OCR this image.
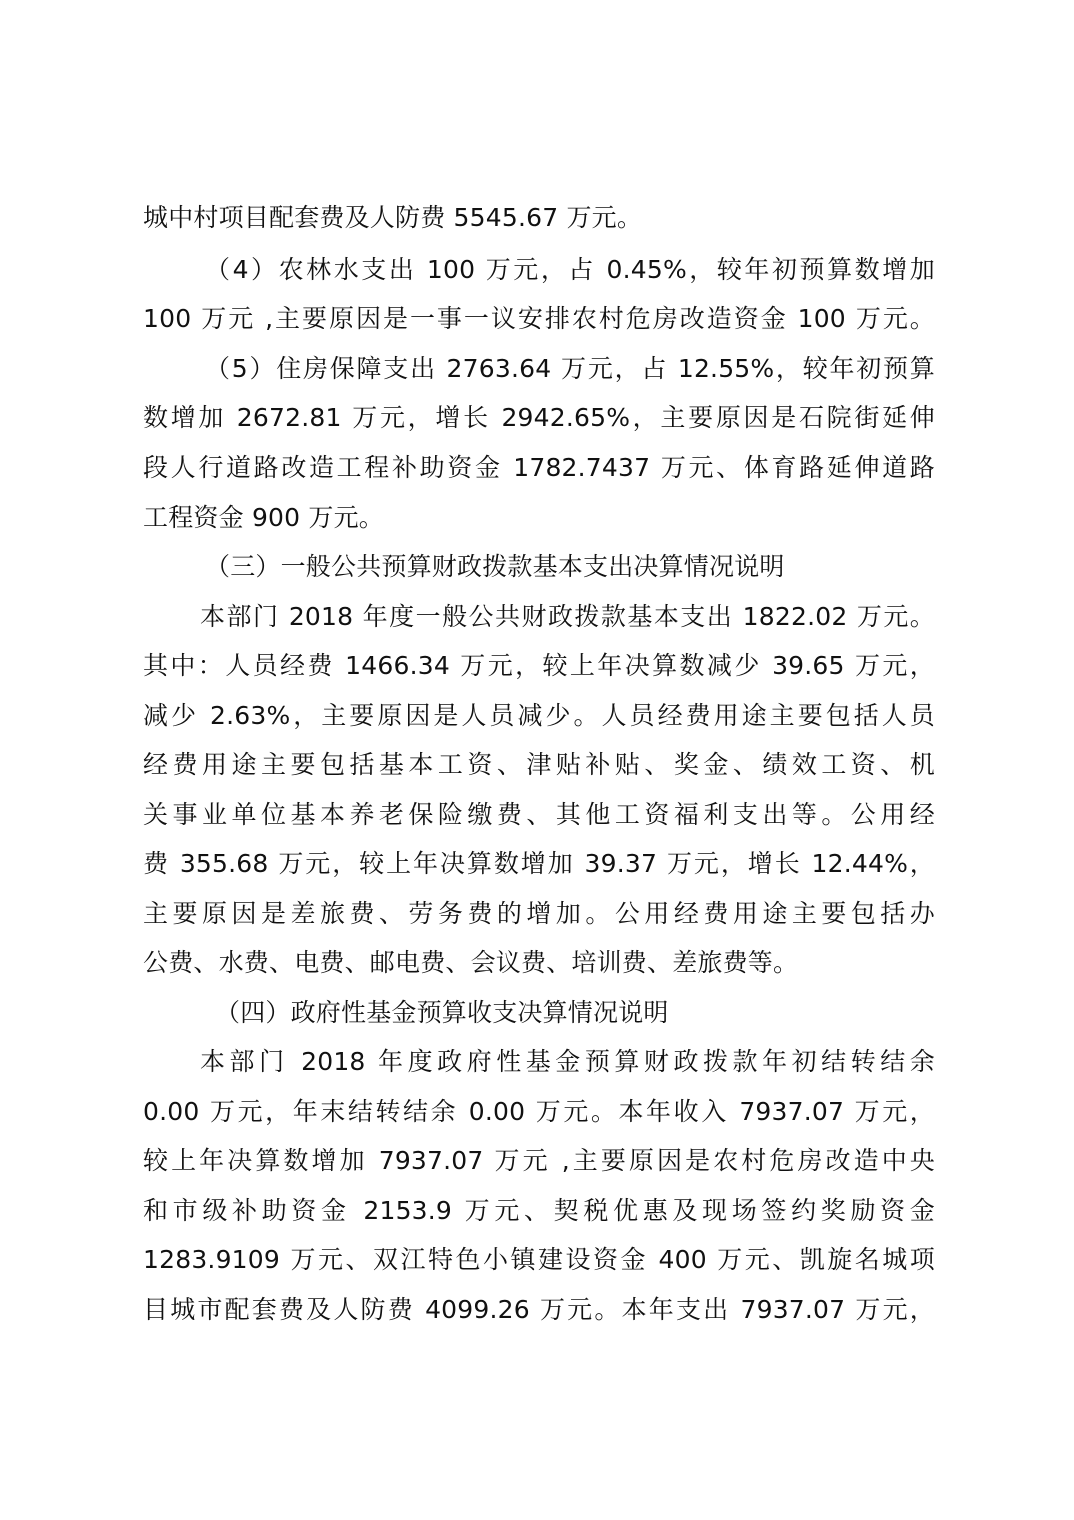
城中村项目配套费及人防费 5545.67 万元。
（4）农林水支出 100 万元，占 0.45%，较年初预算数增加
100 万元 ,主要原因是一事一议安排农村危房改造资金 100 万元。
（5）住房保障支出 2763.64 万元，占 12.55%，较年初预算
数增加 2672.81 万元，增长 2942.65%，主要原因是石院街延伸
段人行道路改造工程补助资金 1782.7437 万元、体育路延伸道路
工程资金 900 万元。
（三）一般公共预算财政拨款基本支出决算情况说明
本部门 2018 年度一般公共财政拨款基本支出 1822.02 万元。
其中：人员经费 1466.34 万元，较上年决算数减少 39.65 万元，
减少 2.63%，主要原因是人员减少。人员经费用途主要包括人员
经费用途主要包括基本工资、津贴补贴、奖金、绩效工资、机
关事业单位基本养老保险缴费、其他工资福利支出等。公用经
费 355.68 万元，较上年决算数增加 39.37 万元，增长 12.44%，
主要原因是差旅费、劳务费的增加。公用经费用途主要包括办
公费、水费、电费、邮电费、会议费、培训费、差旅费等。
（四）政府性基金预算收支决算情况说明
本部门 2018 年度政府性基金预算财政拨款年初结转结余
0.00 万元，年末结转结余 0.00 万元。本年收入 7937.07 万元，
较上年决算数增加 7937.07 万元 ,主要原因是农村危房改造中央
和市级补助资金 2153.9 万元、契税优惠及现场签约奖励资金
1283.9109 万元、双江特色小镇建设资金 400 万元、凯旋名城项
目城市配套费及人防费 4099.26 万元。本年支出 7937.07 万元，
